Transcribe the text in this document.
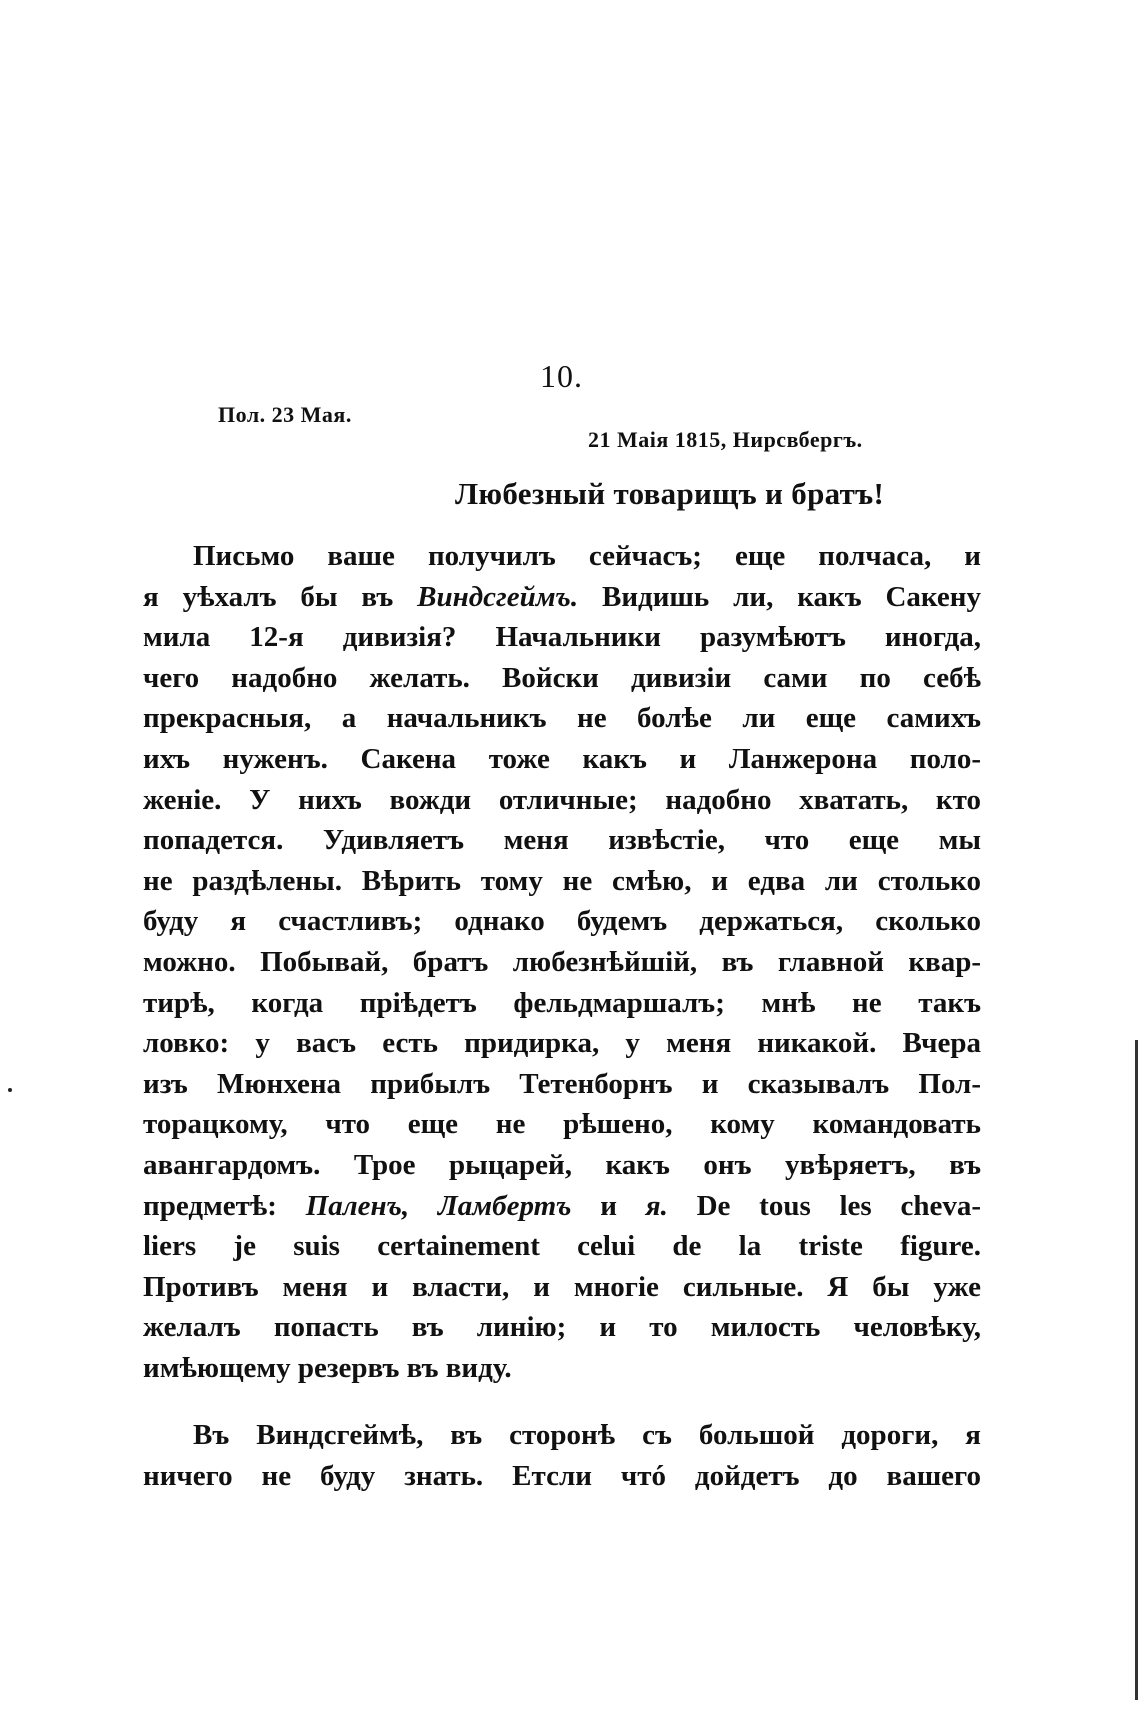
10.
Пол. 23 Мая.
21 Маія 1815, Нирсвбергъ.
Любезный товарищъ и братъ!
Письмо ваше получилъ сейчасъ; еще полчаса, и
я уѣхалъ бы въ Виндсгеймъ. Видишь ли, какъ Сакену
мила 12-я дивизія? Начальники разумѣютъ иногда,
чего надобно желать. Войски дивизіи сами по себѣ
прекрасныя, а начальникъ не болѣе ли еще самихъ
ихъ нуженъ. Сакена тоже какъ и Ланжерона поло-
женіе. У нихъ вожди отличные; надобно хватать, кто
попадется. Удивляетъ меня извѣстіе, что еще мы
не раздѣлены. Вѣрить тому не смѣю, и едва ли столько
буду я счастливъ; однако будемъ держаться, сколько
можно. Побывай, братъ любезнѣйшій, въ главной квар-
тирѣ, когда пріѣдетъ фельдмаршалъ; мнѣ не такъ
ловко: у васъ есть придирка, у меня никакой. Вчера
изъ Мюнхена прибылъ Тетенборнъ и сказывалъ Пол-
торацкому, что еще не рѣшено, кому командовать
авангардомъ. Трое рыцарей, какъ онъ увѣряетъ, въ
предметѣ: Паленъ, Ламбертъ и я. De tous les cheva-
liers je suis certainement celui de la triste figure.
Противъ меня и власти, и многіе сильные. Я бы уже
желалъ попасть въ линію; и то милость человѣку,
имѣющему резервъ въ виду.
Въ Виндсгеймѣ, въ сторонѣ съ большой дороги, я
ничего не буду знать. Етсли чтó дойдетъ до вашего
